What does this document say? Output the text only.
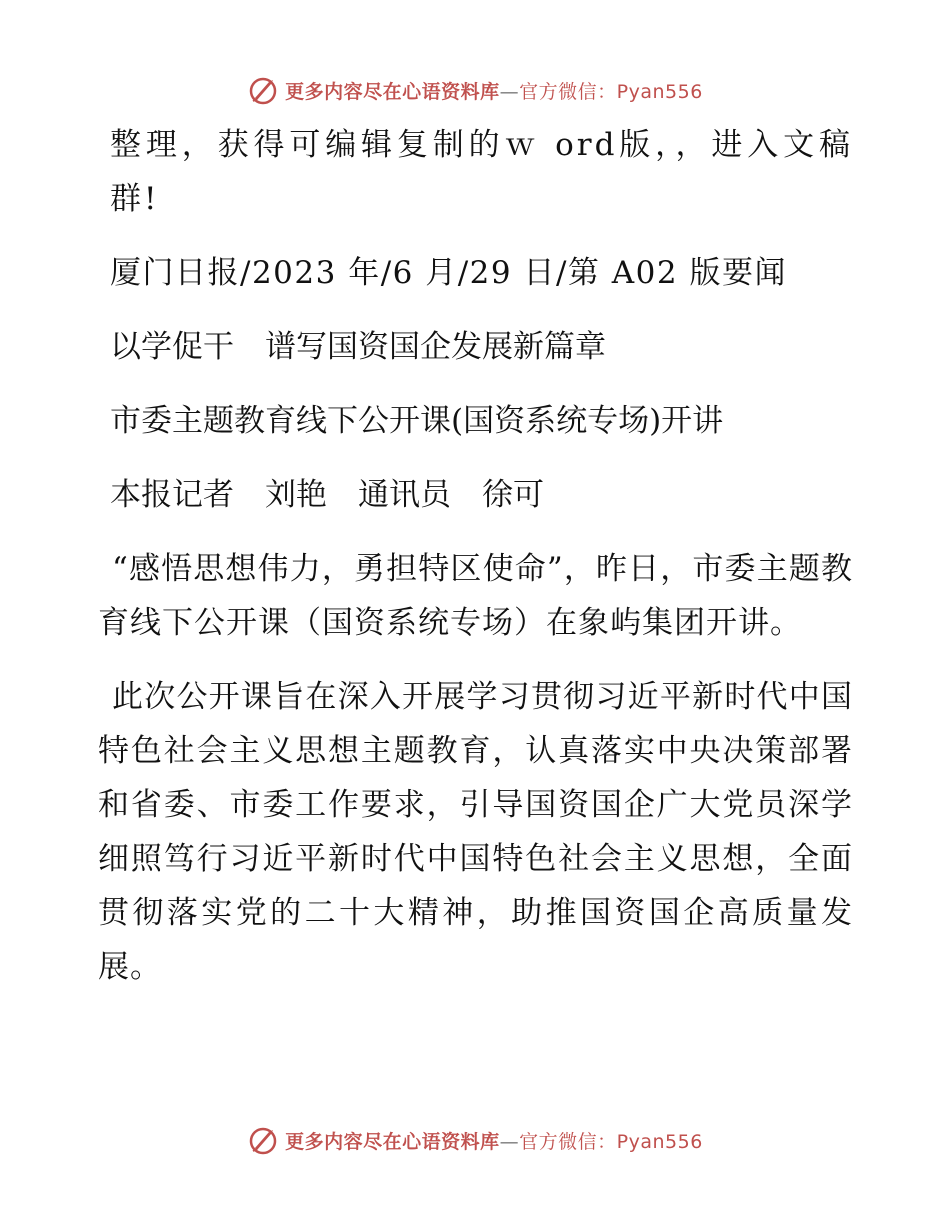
更多内容尽在心语资料库—官方微信：Pyan556

整理，获得可编辑复制的ｗ ord版，，进入文稿群!

厦门日报/2023 年/6 月/29 日/第 A02 版要闻

以学促干　谱写国资国企发展新篇章

市委主题教育线下公开课(国资系统专场)开讲

本报记者　刘艳　通讯员　徐可

“感悟思想伟力，勇担特区使命”，昨日，市委主题教育线下公开课（国资系统专场）在象屿集团开讲。

此次公开课旨在深入开展学习贯彻习近平新时代中国特色社会主义思想主题教育，认真落实中央决策部署和省委、市委工作要求，引导国资国企广大党员深学细照笃行习近平新时代中国特色社会主义思想，全面贯彻落实党的二十大精神，助推国资国企高质量发展。

更多内容尽在心语资料库—官方微信：Pyan556
